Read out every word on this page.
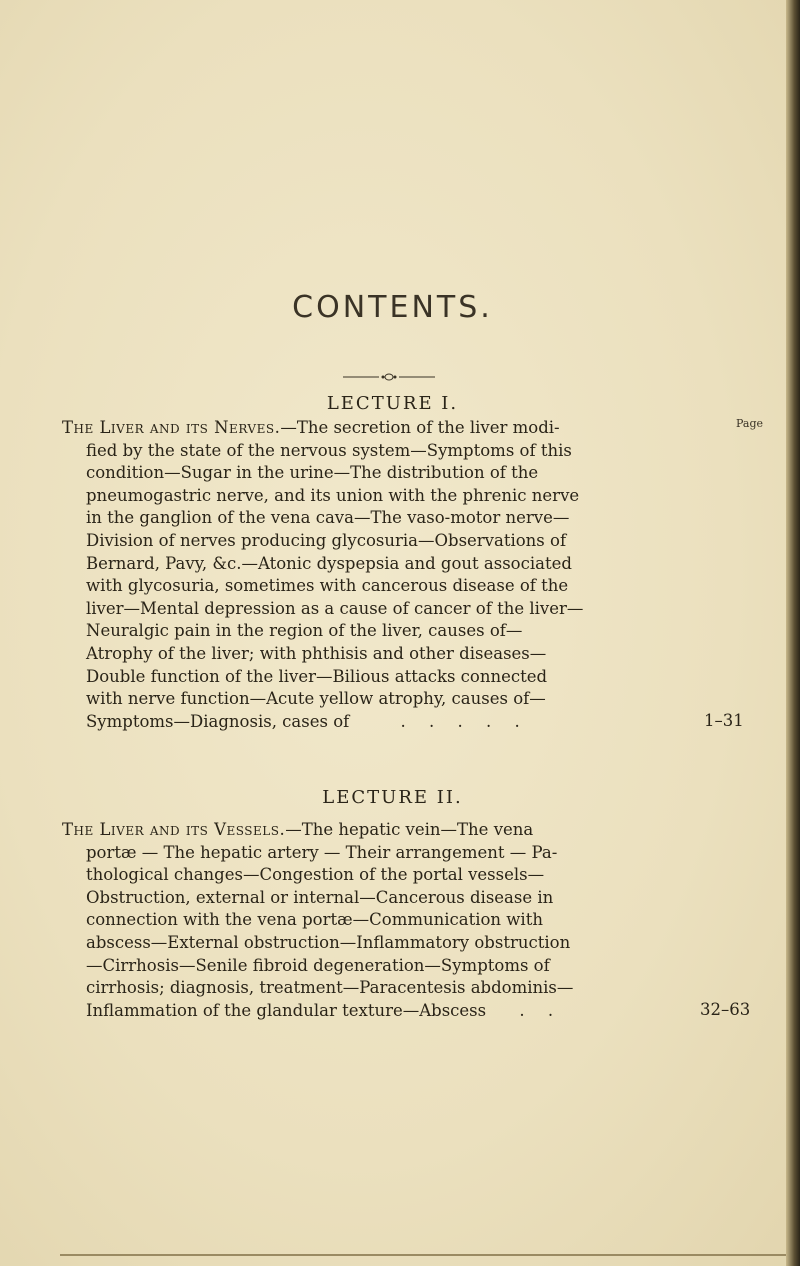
CONTENTS.
LECTURE I.
Page
The Liver and its Nerves.—The secretion of the liver modi-
fied by the state of the nervous system—Symptoms of this
condition—Sugar in the urine—The distribution of the
pneumogastric nerve, and its union with the phrenic nerve
in the ganglion of the vena cava—The vaso-motor nerve—
Division of nerves producing glycosuria—Observations of
Bernard, Pavy, &c.—Atonic dyspepsia and gout associated
with glycosuria, sometimes with cancerous disease of the
liver—Mental depression as a cause of cancer of the liver—
Neuralgic pain in the region of the liver, causes of—
Atrophy of the liver; with phthisis and other diseases—
Double function of the liver—Bilious attacks connected
with nerve function—Acute yellow atrophy, causes of—
Symptoms—Diagnosis, cases of	. . . . .	1–31
LECTURE II.
The Liver and its Vessels.—The hepatic vein—The vena
portæ — The hepatic artery — Their arrangement — Pa-
thological changes—Congestion of the portal vessels—
Obstruction, external or internal—Cancerous disease in
connection with the vena portæ—Communication with
abscess—External obstruction—Inflammatory obstruction
—Cirrhosis—Senile fibroid degeneration—Symptoms of
cirrhosis; diagnosis, treatment—Paracentesis abdominis—
Inflammation of the glandular texture—Abscess . .	32–63
